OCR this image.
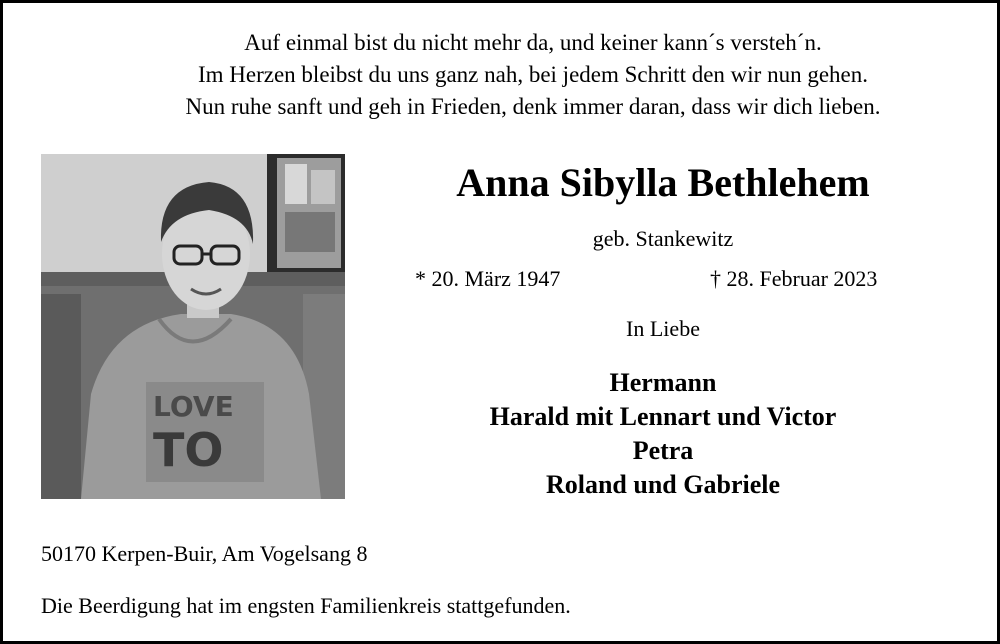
Auf einmal bist du nicht mehr da, und keiner kann´s versteh´n.
Im Herzen bleibst du uns ganz nah, bei jedem Schritt den wir nun gehen.
Nun ruhe sanft und geh in Frieden, denk immer daran, dass wir dich lieben.
LOVE
TO
Anna Sibylla Bethlehem
geb. Stankewitz
* 20. März 1947	† 28. Februar 2023
In Liebe
Hermann
Harald mit Lennart und Victor
Petra
Roland und Gabriele
50170 Kerpen-Buir, Am Vogelsang 8
Die Beerdigung hat im engsten Familienkreis stattgefunden.
